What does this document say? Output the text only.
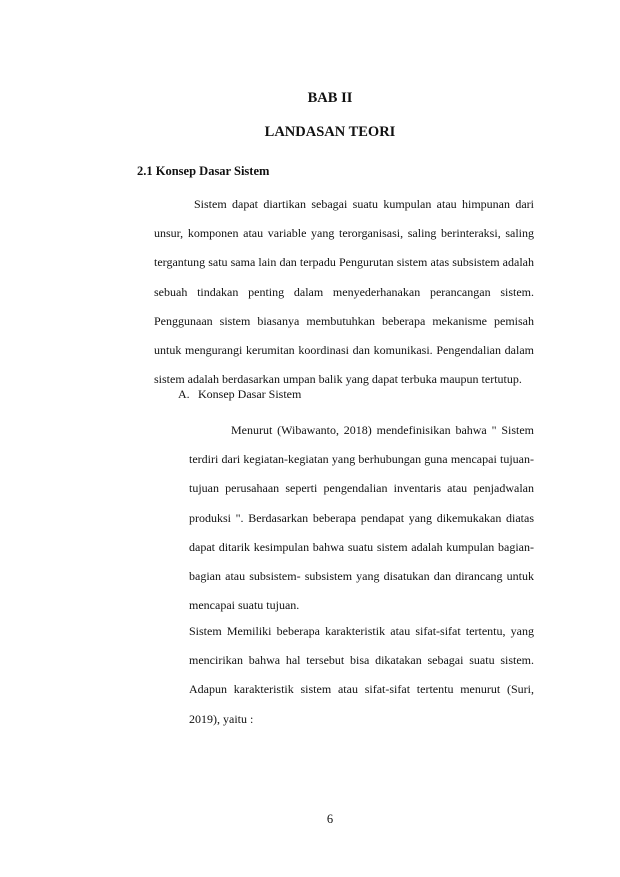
BAB II
LANDASAN TEORI
2.1 Konsep Dasar Sistem

Sistem dapat diartikan sebagai suatu kumpulan atau himpunan dari unsur, komponen atau variable yang terorganisasi, saling berinteraksi, saling tergantung satu sama lain dan terpadu Pengurutan sistem atas subsistem adalah sebuah tindakan penting dalam menyederhanakan perancangan sistem. Penggunaan sistem biasanya membutuhkan beberapa mekanisme pemisah untuk mengurangi kerumitan koordinasi dan komunikasi. Pengendalian dalam sistem adalah berdasarkan umpan balik yang dapat terbuka maupun tertutup.

A. Konsep Dasar Sistem

Menurut (Wibawanto, 2018) mendefinisikan bahwa " Sistem terdiri dari kegiatan-kegiatan yang berhubungan guna mencapai tujuan-tujuan perusahaan seperti pengendalian inventaris atau penjadwalan produksi ". Berdasarkan beberapa pendapat yang dikemukakan diatas dapat ditarik kesimpulan bahwa suatu sistem adalah kumpulan bagian-bagian atau subsistem- subsistem yang disatukan dan dirancang untuk mencapai suatu tujuan.

Sistem Memiliki beberapa karakteristik atau sifat-sifat tertentu, yang mencirikan bahwa hal tersebut bisa dikatakan sebagai suatu sistem. Adapun karakteristik sistem atau sifat-sifat tertentu menurut (Suri, 2019), yaitu :

6
